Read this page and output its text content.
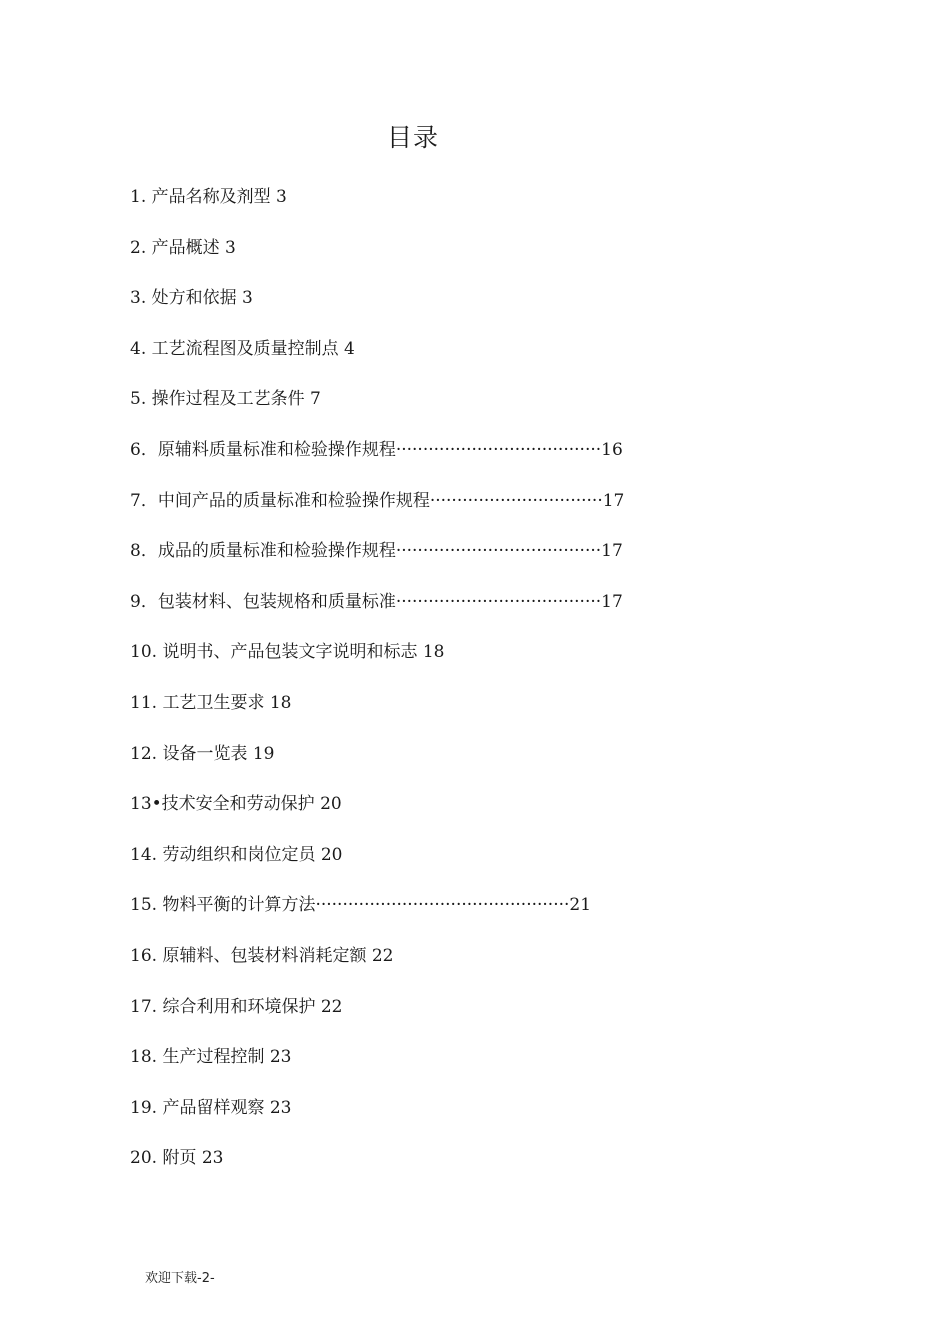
目录
1. 产品名称及剂型 3
2. 产品概述 3
3. 处方和依据 3
4. 工艺流程图及质量控制点 4
5. 操作过程及工艺条件 7
6．原辅料质量标准和检验操作规程······································16
7．中间产品的质量标准和检验操作规程································17
8．成品的质量标准和检验操作规程······································17
9．包装材料、包装规格和质量标准······································17
10. 说明书、产品包装文字说明和标志 18
11. 工艺卫生要求 18
12. 设备一览表 19
13•技术安全和劳动保护 20
14. 劳动组织和岗位定员 20
15. 物料平衡的计算方法···············································21
16. 原辅料、包装材料消耗定额 22
17. 综合利用和环境保护 22
18. 生产过程控制 23
19. 产品留样观察 23
20. 附页 23
欢迎下载-2-
